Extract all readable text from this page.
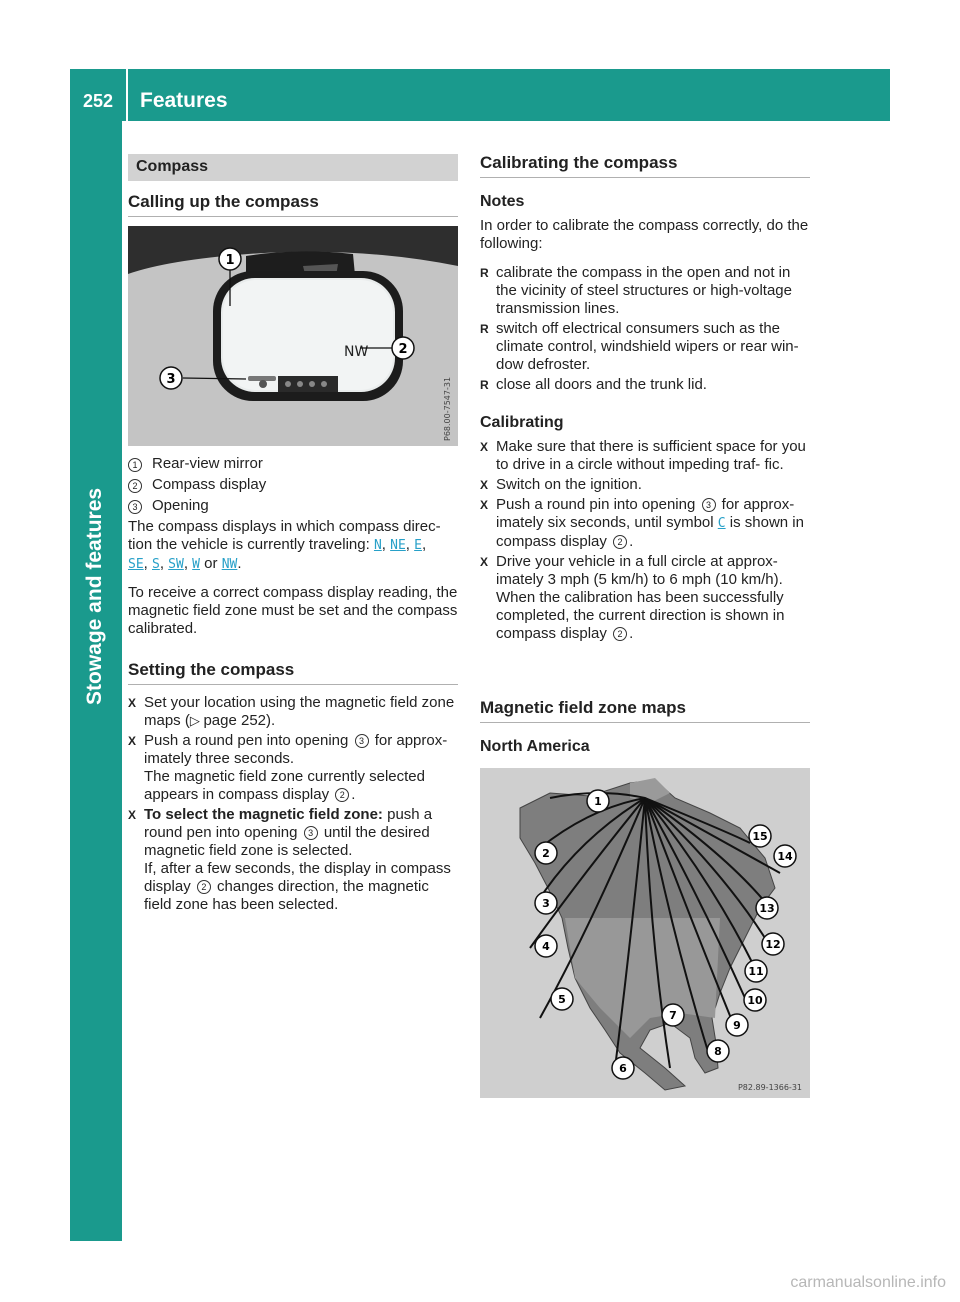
252	Features
Stowage and features
Compass
Calling up the compass
NW
1
2
3	P68.00-7547-31
1 Rear-view mirror
2 Compass display
3 Opening
The compass displays in which compass direc-
tion the vehicle is currently traveling: N, NE, E,
SE, S, SW, W or NW.
To receive a correct compass display reading, the magnetic field zone must be set and the compass calibrated.
Setting the compass
X Set your location using the magnetic field zone maps (▷ page 252).
X Push a round pen into opening 3 for approx- imately three seconds.
The magnetic field zone currently selected appears in compass display 2 .
X To select the magnetic field zone: push a round pen into opening 3 until the desired magnetic field zone is selected.
If, after a few seconds, the display in compass display 2 changes direction, the magnetic field zone has been selected.
Calibrating the compass
Notes
In order to calibrate the compass correctly, do the following:
R calibrate the compass in the open and not in the vicinity of steel structures or high-voltage transmission lines.
R switch off electrical consumers such as the climate control, windshield wipers or rear win- dow defroster.
R close all doors and the trunk lid.
Calibrating
X Make sure that there is sufficient space for you to drive in a circle without impeding traf- fic.
X Switch on the ignition.
X Push a round pin into opening 3 for approx- imately six seconds, until symbol C is shown in compass display 2 .
X Drive your vehicle in a full circle at approx- imately 3 mph (5 km/h) to 6 mph (10 km/h). When the calibration has been successfully completed, the current direction is shown in compass display 2 .
Magnetic field zone maps
North America
1
2
3
4
5
6
7
8
9
10
11
12
13
14
15
P82.89-1366-31
carmanualsonline.info
